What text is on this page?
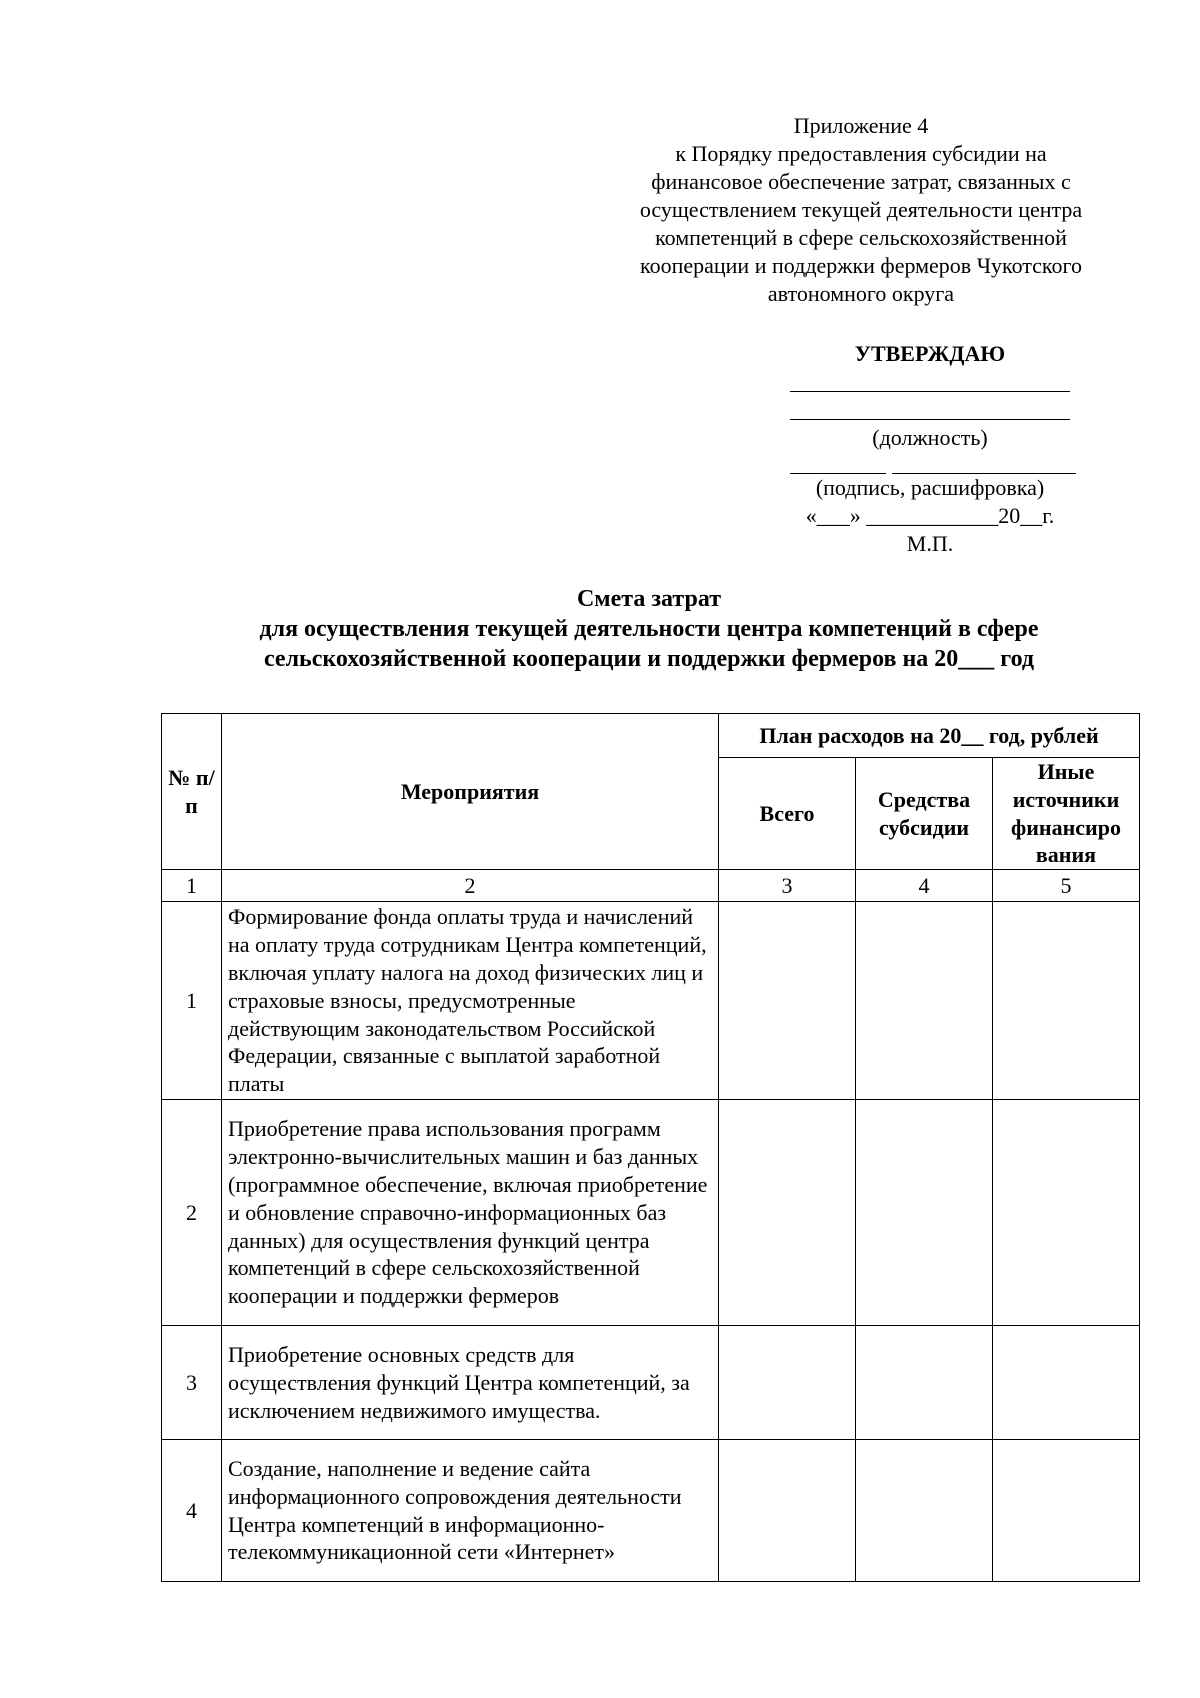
Приложение 4
к Порядку предоставления субсидии на
финансовое обеспечение затрат, связанных с
осуществлением текущей деятельности центра
компетенций в сфере сельскохозяйственной
кооперации и поддержки фермеров Чукотского
автономного округа
УТВЕРЖДАЮ
(должность)
(подпись, расшифровка)
«___» ____________20__г.
М.П.
Смета затрат
для осуществления текущей деятельности центра компетенций в сфере
сельскохозяйственной кооперации и поддержки фермеров на 20___ год
№ п/п	Мероприятия	План расходов на 20__ год, рублей		
		Всего	Средства субсидии	Иные источники финансиро вания
1	2	3	4	5
1	Формирование фонда оплаты труда и начислений на оплату труда сотрудникам Центра компетенций, включая уплату налога на доход физических лиц и страховые взносы, предусмотренные действующим законодательством Российской Федерации, связанные с выплатой заработной платы			
2	Приобретение права использования программ электронно-вычислительных машин и баз данных (программное обеспечение, включая приобретение и обновление справочно-информационных баз данных) для осуществления функций центра компетенций в сфере сельскохозяйственной кооперации и поддержки фермеров			
3	Приобретение основных средств для осуществления функций Центра компетенций, за исключением недвижимого имущества.			
4	Создание, наполнение и ведение сайта информационного сопровождения деятельности Центра компетенций в информационно-телекоммуникационной сети «Интернет»			
